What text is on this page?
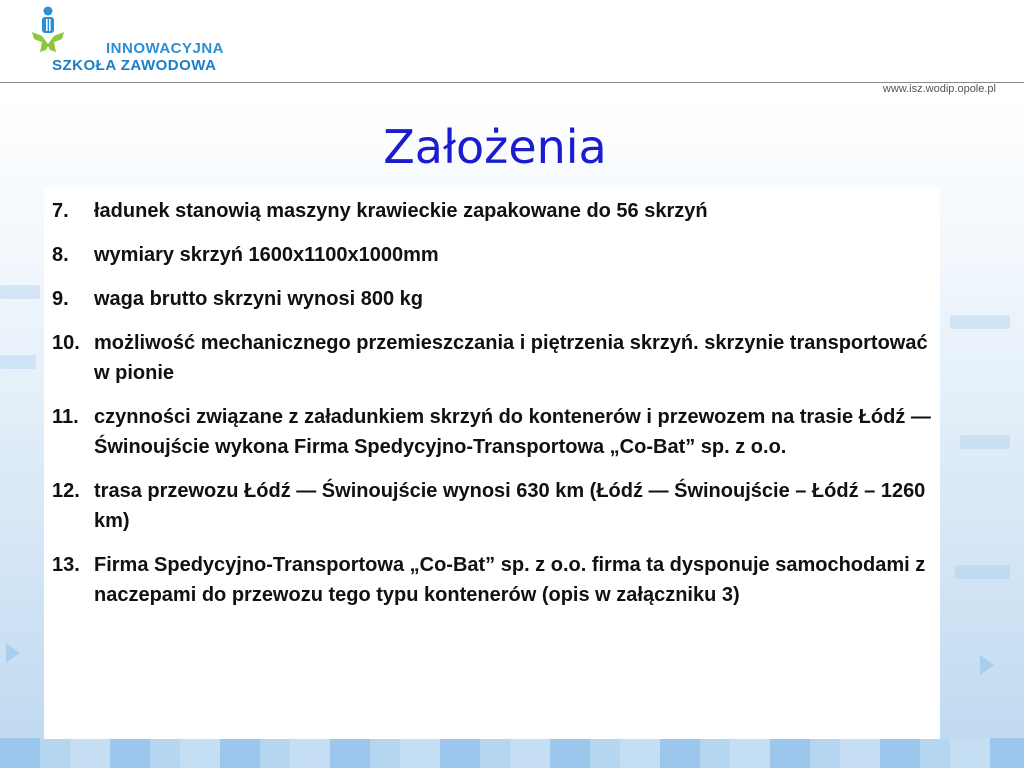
INNOWACYJNA
SZKOŁA ZAWODOWA
www.isz.wodip.opole.pl
Założenia
7.	ładunek stanowią maszyny krawieckie zapakowane do 56 skrzyń
8.	wymiary skrzyń 1600x1100x1000mm
9.	waga brutto skrzyni wynosi 800 kg
10. możliwość mechanicznego przemieszczania i piętrzenia skrzyń. skrzynie transportować w pionie
11. czynności związane z załadunkiem skrzyń do kontenerów i przewozem na trasie Łódź — Świnoujście wykona Firma Spedycyjno-Transportowa „Co-Bat” sp. z o.o.
12. trasa przewozu Łódź — Świnoujście wynosi 630 km (Łódź — Świnoujście – Łódź – 1260 km)
13. Firma Spedycyjno-Transportowa „Co-Bat” sp. z o.o. firma ta dysponuje samochodami z naczepami do przewozu tego typu kontenerów (opis w załączniku 3)
